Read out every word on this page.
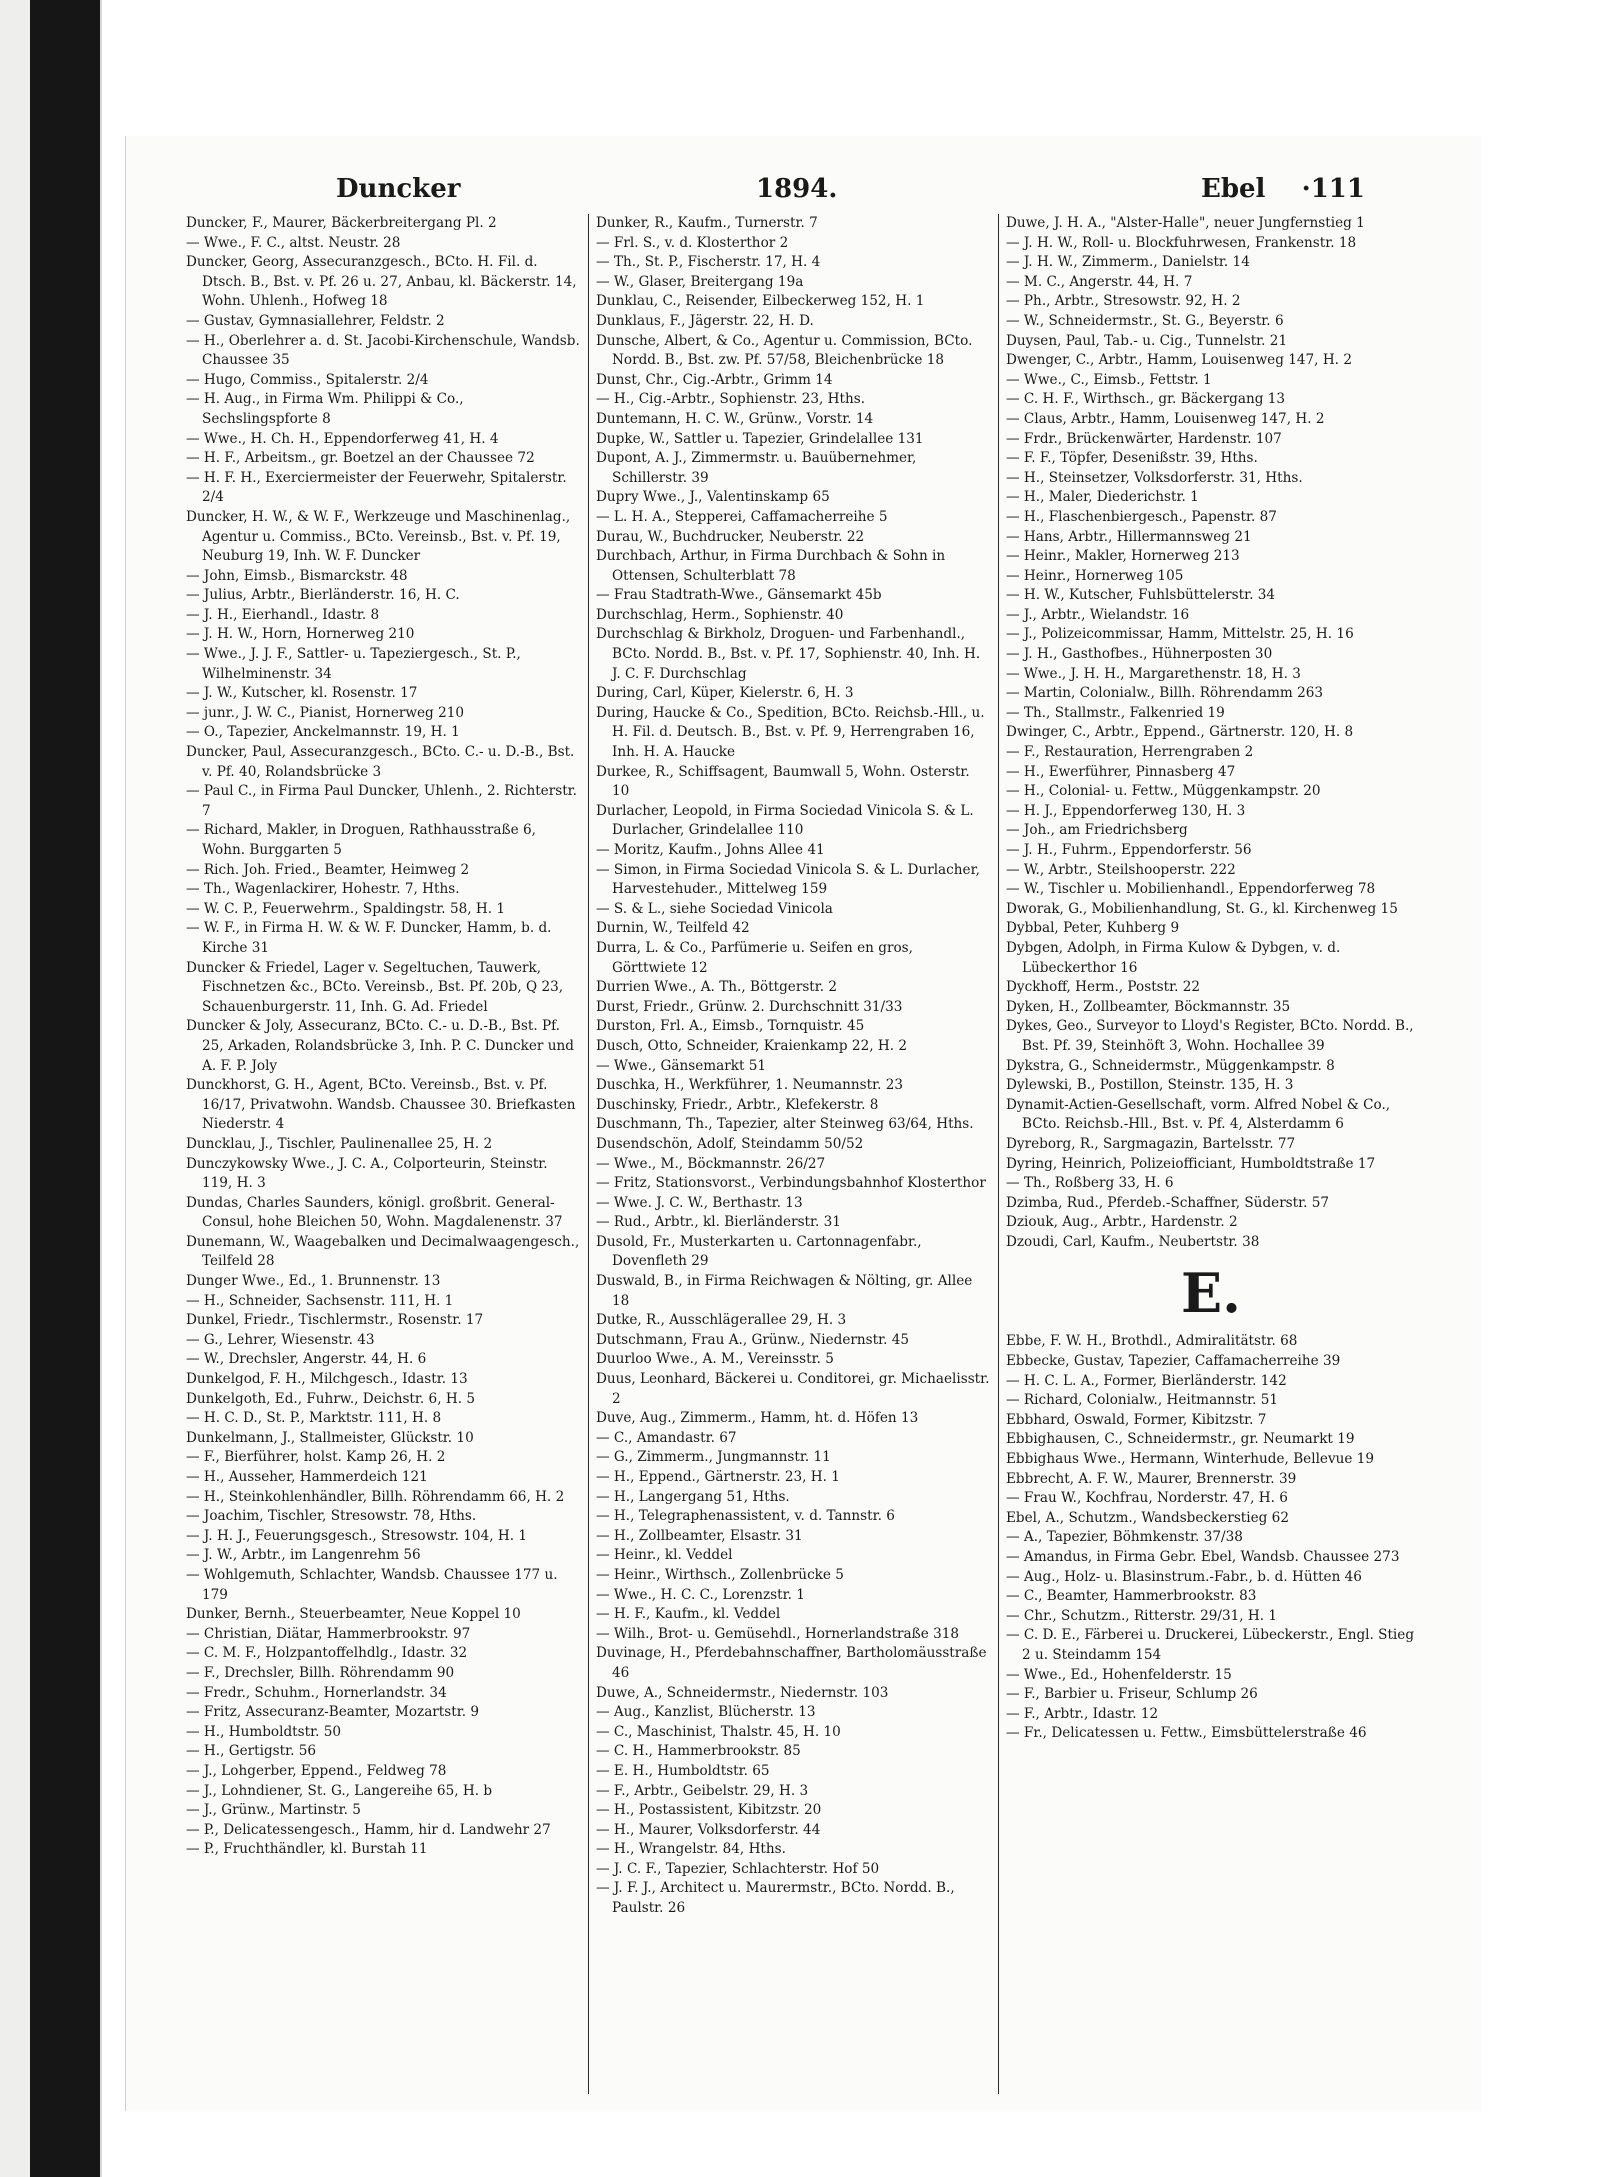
Duncker	1894.	Ebel    ·111

Duncker, F., Maurer, Bäckerbreitergang Pl. 2

— Wwe., F. C., altst. Neustr. 28

Duncker, Georg, Assecuranzgesch., BCto. H. Fil. d. Dtsch. B., Bst. v. Pf. 26 u. 27, Anbau, kl. Bäckerstr. 14, Wohn. Uhlenh., Hofweg 18

— Gustav, Gymnasiallehrer, Feldstr. 2

— H., Oberlehrer a. d. St. Jacobi-Kirchenschule, Wandsb. Chaussee 35

— Hugo, Commiss., Spitalerstr. 2/4

— H. Aug., in Firma Wm. Philippi & Co., Sechslingspforte 8

— Wwe., H. Ch. H., Eppendorferweg 41, H. 4

— H. F., Arbeitsm., gr. Boetzel an der Chaussee 72

— H. F. H., Exerciermeister der Feuerwehr, Spitalerstr. 2/4

Duncker, H. W., & W. F., Werkzeuge und Maschinenlag., Agentur u. Commiss., BCto. Vereinsb., Bst. v. Pf. 19, Neuburg 19, Inh. W. F. Duncker

— John, Eimsb., Bismarckstr. 48

— Julius, Arbtr., Bierländerstr. 16, H. C.

— J. H., Eierhandl., Idastr. 8

— J. H. W., Horn, Hornerweg 210

— Wwe., J. J. F., Sattler- u. Tapeziergesch., St. P., Wilhelminenstr. 34

— J. W., Kutscher, kl. Rosenstr. 17

— junr., J. W. C., Pianist, Hornerweg 210

— O., Tapezier, Anckelmannstr. 19, H. 1

Duncker, Paul, Assecuranzgesch., BCto. C.- u. D.-B., Bst. v. Pf. 40, Rolandsbrücke 3

— Paul C., in Firma Paul Duncker, Uhlenh., 2. Richterstr. 7

— Richard, Makler, in Droguen, Rathhausstraße 6, Wohn. Burggarten 5

— Rich. Joh. Fried., Beamter, Heimweg 2

— Th., Wagenlackirer, Hohestr. 7, Hths.

— W. C. P., Feuerwehrm., Spaldingstr. 58, H. 1

— W. F., in Firma H. W. & W. F. Duncker, Hamm, b. d. Kirche 31

Duncker & Friedel, Lager v. Segeltuchen, Tauwerk, Fischnetzen &c., BCto. Vereinsb., Bst. Pf. 20b, Q 23, Schauenburgerstr. 11, Inh. G. Ad. Friedel

Duncker & Joly, Assecuranz, BCto. C.- u. D.-B., Bst. Pf. 25, Arkaden, Rolandsbrücke 3, Inh. P. C. Duncker und A. F. P. Joly

Dunckhorst, G. H., Agent, BCto. Vereinsb., Bst. v. Pf. 16/17, Privatwohn. Wandsb. Chaussee 30. Briefkasten Niederstr. 4

Duncklau, J., Tischler, Paulinenallee 25, H. 2

Dunczykowsky Wwe., J. C. A., Colporteurin, Steinstr. 119, H. 3

Dundas, Charles Saunders, königl. großbrit. General-Consul, hohe Bleichen 50, Wohn. Magdalenenstr. 37

Dunemann, W., Waagebalken und Decimalwaagengesch., Teilfeld 28

Dunger Wwe., Ed., 1. Brunnenstr. 13

— H., Schneider, Sachsenstr. 111, H. 1

Dunkel, Friedr., Tischlermstr., Rosenstr. 17

— G., Lehrer, Wiesenstr. 43

— W., Drechsler, Angerstr. 44, H. 6

Dunkelgod, F. H., Milchgesch., Idastr. 13

Dunkelgoth, Ed., Fuhrw., Deichstr. 6, H. 5

— H. C. D., St. P., Marktstr. 111, H. 8

Dunkelmann, J., Stallmeister, Glückstr. 10

— F., Bierführer, holst. Kamp 26, H. 2

— H., Ausseher, Hammerdeich 121

— H., Steinkohlenhändler, Billh. Röhrendamm 66, H. 2

— Joachim, Tischler, Stresowstr. 78, Hths.

— J. H. J., Feuerungsgesch., Stresowstr. 104, H. 1

— J. W., Arbtr., im Langenrehm 56

— Wohlgemuth, Schlachter, Wandsb. Chaussee 177 u. 179

Dunker, Bernh., Steuerbeamter, Neue Koppel 10

— Christian, Diätar, Hammerbrookstr. 97

— C. M. F., Holzpantoffelhdlg., Idastr. 32

— F., Drechsler, Billh. Röhrendamm 90

— Fredr., Schuhm., Hornerlandstr. 34

— Fritz, Assecuranz-Beamter, Mozartstr. 9

— H., Humboldtstr. 50

— H., Gertigstr. 56

— J., Lohgerber, Eppend., Feldweg 78

— J., Lohndiener, St. G., Langereihe 65, H. b

— J., Grünw., Martinstr. 5

— P., Delicatessengesch., Hamm, hir d. Landwehr 27

— P., Fruchthändler, kl. Burstah 11

Dunker, R., Kaufm., Turnerstr. 7

— Frl. S., v. d. Klosterthor 2

— Th., St. P., Fischerstr. 17, H. 4

— W., Glaser, Breitergang 19a

Dunklau, C., Reisender, Eilbeckerweg 152, H. 1

Dunklaus, F., Jägerstr. 22, H. D.

Dunsche, Albert, & Co., Agentur u. Commission, BCto. Nordd. B., Bst. zw. Pf. 57/58, Bleichenbrücke 18

Dunst, Chr., Cig.-Arbtr., Grimm 14

— H., Cig.-Arbtr., Sophienstr. 23, Hths.

Duntemann, H. C. W., Grünw., Vorstr. 14

Dupke, W., Sattler u. Tapezier, Grindelallee 131

Dupont, A. J., Zimmermstr. u. Bauübernehmer, Schillerstr. 39

Dupry Wwe., J., Valentinskamp 65

— L. H. A., Stepperei, Caffamacherreihe 5

Durau, W., Buchdrucker, Neuberstr. 22

Durchbach, Arthur, in Firma Durchbach & Sohn in Ottensen, Schulterblatt 78

— Frau Stadtrath-Wwe., Gänsemarkt 45b

Durchschlag, Herm., Sophienstr. 40

Durchschlag & Birkholz, Droguen- und Farbenhandl., BCto. Nordd. B., Bst. v. Pf. 17, Sophienstr. 40, Inh. H. J. C. F. Durchschlag

During, Carl, Küper, Kielerstr. 6, H. 3

During, Haucke & Co., Spedition, BCto. Reichsb.-Hll., u. H. Fil. d. Deutsch. B., Bst. v. Pf. 9, Herrengraben 16, Inh. H. A. Haucke

Durkee, R., Schiffsagent, Baumwall 5, Wohn. Osterstr. 10

Durlacher, Leopold, in Firma Sociedad Vinicola S. & L. Durlacher, Grindelallee 110

— Moritz, Kaufm., Johns Allee 41

— Simon, in Firma Sociedad Vinicola S. & L. Durlacher, Harvestehuder., Mittelweg 159

— S. & L., siehe Sociedad Vinicola

Durnin, W., Teilfeld 42

Durra, L. & Co., Parfümerie u. Seifen en gros, Görttwiete 12

Durrien Wwe., A. Th., Böttgerstr. 2

Durst, Friedr., Grünw. 2. Durchschnitt 31/33

Durston, Frl. A., Eimsb., Tornquistr. 45

Dusch, Otto, Schneider, Kraienkamp 22, H. 2

— Wwe., Gänsemarkt 51

Duschka, H., Werkführer, 1. Neumannstr. 23

Duschinsky, Friedr., Arbtr., Klefekerstr. 8

Duschmann, Th., Tapezier, alter Steinweg 63/64, Hths.

Dusendschön, Adolf, Steindamm 50/52

— Wwe., M., Böckmannstr. 26/27

— Fritz, Stationsvorst., Verbindungsbahnhof Klosterthor

— Wwe. J. C. W., Berthastr. 13

— Rud., Arbtr., kl. Bierländerstr. 31

Dusold, Fr., Musterkarten u. Cartonnagenfabr., Dovenfleth 29

Duswald, B., in Firma Reichwagen & Nölting, gr. Allee 18

Dutke, R., Ausschlägerallee 29, H. 3

Dutschmann, Frau A., Grünw., Niedernstr. 45

Duurloo Wwe., A. M., Vereinsstr. 5

Duus, Leonhard, Bäckerei u. Conditorei, gr. Michaelisstr. 2

Duve, Aug., Zimmerm., Hamm, ht. d. Höfen 13

— C., Amandastr. 67

— G., Zimmerm., Jungmannstr. 11

— H., Eppend., Gärtnerstr. 23, H. 1

— H., Langergang 51, Hths.

— H., Telegraphenassistent, v. d. Tannstr. 6

— H., Zollbeamter, Elsastr. 31

— Heinr., kl. Veddel

— Heinr., Wirthsch., Zollenbrücke 5

— Wwe., H. C. C., Lorenzstr. 1

— H. F., Kaufm., kl. Veddel

— Wilh., Brot- u. Gemüsehdl., Hornerlandstraße 318

Duvinage, H., Pferdebahnschaffner, Bartholomäusstraße 46

Duwe, A., Schneidermstr., Niedernstr. 103

— Aug., Kanzlist, Blücherstr. 13

— C., Maschinist, Thalstr. 45, H. 10

— C. H., Hammerbrookstr. 85

— E. H., Humboldtstr. 65

— F., Arbtr., Geibelstr. 29, H. 3

— H., Postassistent, Kibitzstr. 20

— H., Maurer, Volksdorferstr. 44

— H., Wrangelstr. 84, Hths.

— J. C. F., Tapezier, Schlachterstr. Hof 50

— J. F. J., Architect u. Maurermstr., BCto. Nordd. B., Paulstr. 26

Duwe, J. H. A., "Alster-Halle", neuer Jungfernstieg 1

— J. H. W., Roll- u. Blockfuhrwesen, Frankenstr. 18

— J. H. W., Zimmerm., Danielstr. 14

— M. C., Angerstr. 44, H. 7

— Ph., Arbtr., Stresowstr. 92, H. 2

— W., Schneidermstr., St. G., Beyerstr. 6

Duysen, Paul, Tab.- u. Cig., Tunnelstr. 21

Dwenger, C., Arbtr., Hamm, Louisenweg 147, H. 2

— Wwe., C., Eimsb., Fettstr. 1

— C. H. F., Wirthsch., gr. Bäckergang 13

— Claus, Arbtr., Hamm, Louisenweg 147, H. 2

— Frdr., Brückenwärter, Hardenstr. 107

— F. F., Töpfer, Desenißstr. 39, Hths.

— H., Steinsetzer, Volksdorferstr. 31, Hths.

— H., Maler, Diederichstr. 1

— H., Flaschenbiergesch., Papenstr. 87

— Hans, Arbtr., Hillermannsweg 21

— Heinr., Makler, Hornerweg 213

— Heinr., Hornerweg 105

— H. W., Kutscher, Fuhlsbüttelerstr. 34

— J., Arbtr., Wielandstr. 16

— J., Polizeicommissar, Hamm, Mittelstr. 25, H. 16

— J. H., Gasthofbes., Hühnerposten 30

— Wwe., J. H. H., Margarethenstr. 18, H. 3

— Martin, Colonialw., Billh. Röhrendamm 263

— Th., Stallmstr., Falkenried 19

Dwinger, C., Arbtr., Eppend., Gärtnerstr. 120, H. 8

— F., Restauration, Herrengraben 2

— H., Ewerführer, Pinnasberg 47

— H., Colonial- u. Fettw., Müggenkampstr. 20

— H. J., Eppendorferweg 130, H. 3

— Joh., am Friedrichsberg

— J. H., Fuhrm., Eppendorferstr. 56

— W., Arbtr., Steilshooperstr. 222

— W., Tischler u. Mobilienhandl., Eppendorferweg 78

Dworak, G., Mobilienhandlung, St. G., kl. Kirchenweg 15

Dybbal, Peter, Kuhberg 9

Dybgen, Adolph, in Firma Kulow & Dybgen, v. d. Lübeckerthor 16

Dyckhoff, Herm., Poststr. 22

Dyken, H., Zollbeamter, Böckmannstr. 35

Dykes, Geo., Surveyor to Lloyd's Register, BCto. Nordd. B., Bst. Pf. 39, Steinhöft 3, Wohn. Hochallee 39

Dykstra, G., Schneidermstr., Müggenkampstr. 8

Dylewski, B., Postillon, Steinstr. 135, H. 3

Dynamit-Actien-Gesellschaft, vorm. Alfred Nobel & Co., BCto. Reichsb.-Hll., Bst. v. Pf. 4, Alsterdamm 6

Dyreborg, R., Sargmagazin, Bartelsstr. 77

Dyring, Heinrich, Polizeiofficiant, Humboldtstraße 17

— Th., Roßberg 33, H. 6

Dzimba, Rud., Pferdeb.-Schaffner, Süderstr. 57

Dziouk, Aug., Arbtr., Hardenstr. 2

Dzoudi, Carl, Kaufm., Neubertstr. 38

E.

Ebbe, F. W. H., Brothdl., Admiralitätstr. 68

Ebbecke, Gustav, Tapezier, Caffamacherreihe 39

— H. C. L. A., Former, Bierländerstr. 142

— Richard, Colonialw., Heitmannstr. 51

Ebbhard, Oswald, Former, Kibitzstr. 7

Ebbighausen, C., Schneidermstr., gr. Neumarkt 19

Ebbighaus Wwe., Hermann, Winterhude, Bellevue 19

Ebbrecht, A. F. W., Maurer, Brennerstr. 39

— Frau W., Kochfrau, Norderstr. 47, H. 6

Ebel, A., Schutzm., Wandsbeckerstieg 62

— A., Tapezier, Böhmkenstr. 37/38

— Amandus, in Firma Gebr. Ebel, Wandsb. Chaussee 273

— Aug., Holz- u. Blasinstrum.-Fabr., b. d. Hütten 46

— C., Beamter, Hammerbrookstr. 83

— Chr., Schutzm., Ritterstr. 29/31, H. 1

— C. D. E., Färberei u. Druckerei, Lübeckerstr., Engl. Stieg 2 u. Steindamm 154

— Wwe., Ed., Hohenfelderstr. 15

— F., Barbier u. Friseur, Schlump 26

— F., Arbtr., Idastr. 12

— Fr., Delicatessen u. Fettw., Eimsbüttelerstraße 46
